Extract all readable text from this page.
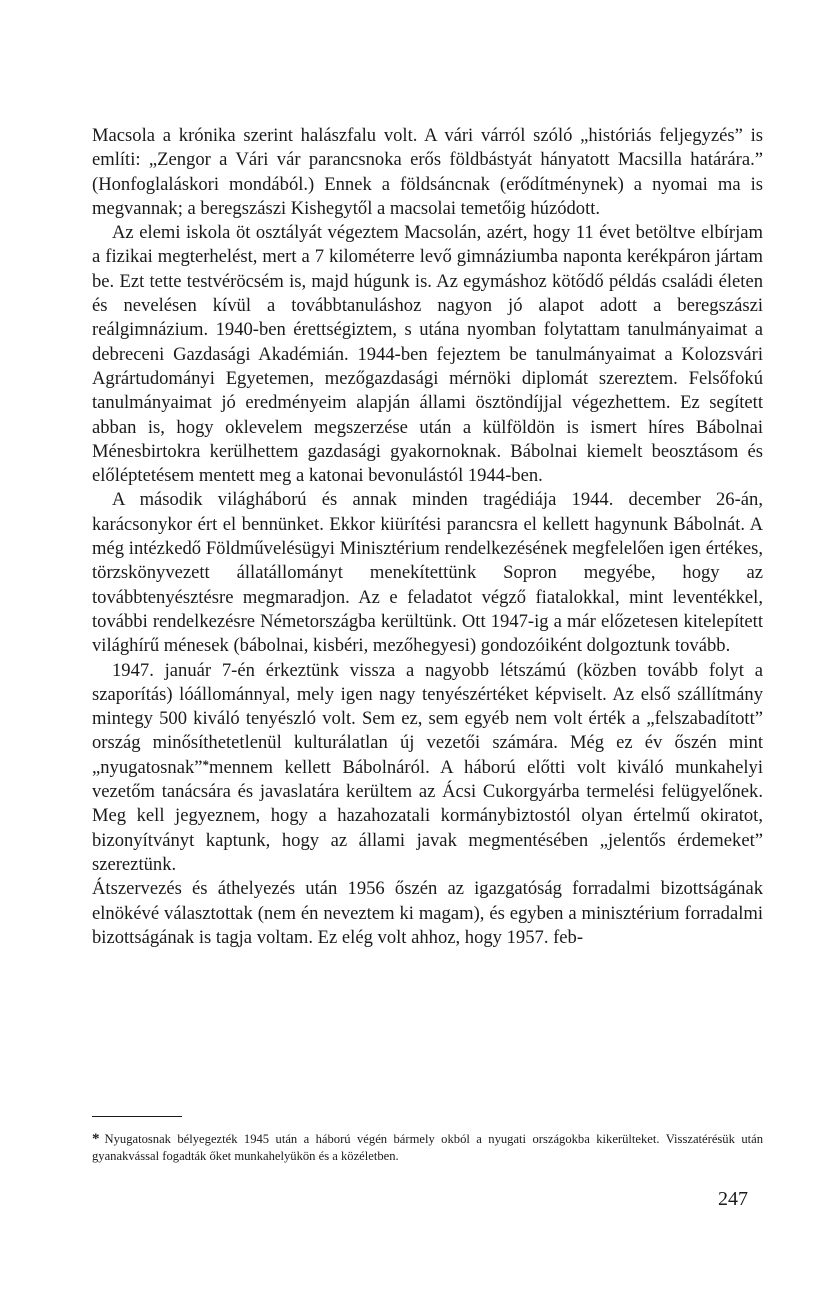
Macsola a krónika szerint halászfalu volt. A vári várról szóló „históriás feljegyzés” is említi: „Zengor a Vári vár parancsnoka erős földbástyát hányatott Macsilla határára.” (Honfoglaláskori mondából.) Ennek a földsáncnak (erődítménynek) a nyomai ma is megvannak; a beregszászi Kishegytől a macsolai temetőig húzódott.

Az elemi iskola öt osztályát végeztem Macsolán, azért, hogy 11 évet betöltve elbírjam a fizikai megterhelést, mert a 7 kilométerre levő gimnáziumba naponta kerékpáron jártam be. Ezt tette testvéröcsém is, majd húgunk is. Az egymáshoz kötődő példás családi életen és nevelésen kívül a továbbtanuláshoz nagyon jó alapot adott a beregszászi reálgimnázium. 1940-ben érettségiztem, s utána nyomban folytattam tanulmányaimat a debreceni Gazdasági Akadémián. 1944-ben fejeztem be tanulmányaimat a Kolozsvári Agrártudományi Egyetemen, mezőgazdasági mérnöki diplomát szereztem. Felsőfokú tanulmányaimat jó eredményeim alapján állami ösztöndíjjal végezhettem. Ez segített abban is, hogy oklevelem megszerzése után a külföldön is ismert híres Bábolnai Ménesbirtokra kerülhettem gazdasági gyakornoknak. Bábolnai kiemelt beosztásom és előléptetésem mentett meg a katonai bevonulástól 1944-ben.

A második világháború és annak minden tragédiája 1944. december 26-án, karácsonykor ért el bennünket. Ekkor kiürítési parancsra el kellett hagynunk Bábolnát. A még intézkedő Földművelésügyi Minisztérium rendelkezésének megfelelően igen értékes, törzskönyvezett állatállományt menekítettünk Sopron megyébe, hogy az továbbtenyésztésre megmaradjon. Az e feladatot végző fiatalokkal, mint leventékkel, további rendelkezésre Németországba kerültünk. Ott 1947-ig a már előzetesen kitelepített világhírű ménesek (bábolnai, kisbéri, mezőhegyesi) gondozóiként dolgoztunk tovább.

1947. január 7-én érkeztünk vissza a nagyobb létszámú (közben tovább folyt a szaporítás) lóállománnyal, mely igen nagy tenyészértéket képviselt. Az első szállítmány mintegy 500 kiváló tenyészló volt. Sem ez, sem egyéb nem volt érték a „felszabadított” ország minősíthetetlenül kulturálatlan új vezetői számára. Még ez év őszén mint „nyugatosnak”*mennem kellett Bábolnáról. A háború előtti volt kiváló munkahelyi vezetőm tanácsára és javaslatára kerültem az Ácsi Cukorgyárba termelési felügyelőnek. Meg kell jegyeznem, hogy a hazahozatali kormánybiztostól olyan értelmű okiratot, bizonyítványt kaptunk, hogy az állami javak megmentésében „jelentős érdemeket” szereztünk.

Átszervezés és áthelyezés után 1956 őszén az igazgatóság forradalmi bizottságának elnökévé választottak (nem én neveztem ki magam), és egyben a minisztérium forradalmi bizottságának is tagja voltam. Ez elég volt ahhoz, hogy 1957. feb-

* Nyugatosnak bélyegezték 1945 után a háború végén bármely okból a nyugati országokba kikerülteket. Visszatérésük után gyanakvással fogadták őket munkahelyükön és a közéletben.
247
